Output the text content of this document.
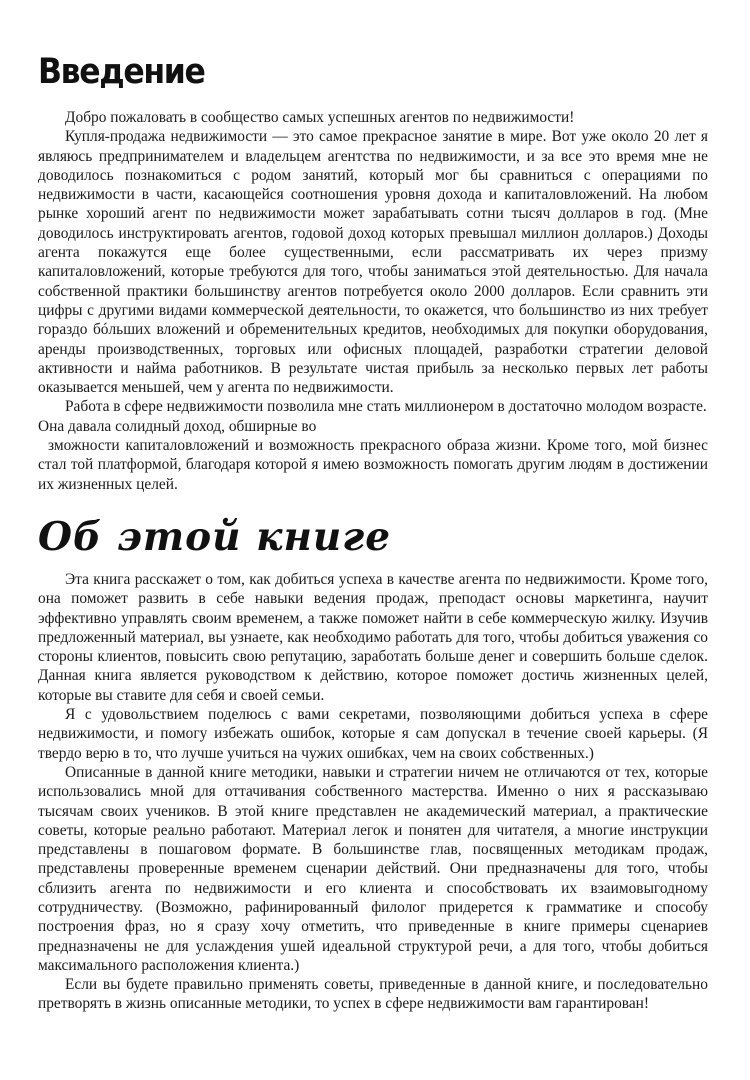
Введение

Добро пожаловать в сообщество самых успешных агентов по недвижимости!

Купля-продажа недвижимости — это самое прекрасное занятие в мире. Вот уже около 20 лет я являюсь предпринимателем и владельцем агентства по недвижимости, и за все это время мне не доводилось познакомиться с родом занятий, который мог бы сравниться с операциями по недвижимости в части, касающейся соотношения уровня дохода и капиталовложений. На любом рынке хороший агент по недвижимости может зарабатывать сотни тысяч долларов в год. (Мне доводилось инструктировать агентов, годовой доход которых превышал миллион долларов.) Доходы агента покажутся еще более существенными, если рассматривать их через призму капиталовложений, которые требуются для того, чтобы заниматься этой деятельностью. Для начала собственной практики большинству агентов потребуется около 2000 долларов. Если сравнить эти цифры с другими видами коммерческой деятельности, то окажется, что большинство из них требует гораздо бóльших вложений и обременительных кредитов, необходимых для покупки оборудования, аренды производственных, торговых или офисных площадей, разработки стратегии деловой активности и найма работников. В результате чистая прибыль за несколько первых лет работы оказывается меньшей, чем у агента по недвижимости.

Работа в сфере недвижимости позволила мне стать миллионером в достаточно молодом возрасте. Она давала солидный доход, обширные во

зможности капиталовложений и возможность прекрасного образа жизни. Кроме того, мой бизнес стал той платформой, благодаря которой я имею возможность помогать другим людям в достижении их жизненных целей.

Об этой книге

Эта книга расскажет о том, как добиться успеха в качестве агента по недвижимости. Кроме того, она поможет развить в себе навыки ведения продаж, преподаст основы маркетинга, научит эффективно управлять своим временем, а также поможет найти в себе коммерческую жилку. Изучив предложенный материал, вы узнаете, как необходимо работать для того, чтобы добиться уважения со стороны клиентов, повысить свою репутацию, заработать больше денег и совершить больше сделок. Данная книга является руководством к действию, которое поможет достичь жизненных целей, которые вы ставите для себя и своей семьи.

Я с удовольствием поделюсь с вами секретами, позволяющими добиться успеха в сфере недвижимости, и помогу избежать ошибок, которые я сам допускал в течение своей карьеры. (Я твердо верю в то, что лучше учиться на чужих ошибках, чем на своих собственных.)

Описанные в данной книге методики, навыки и стратегии ничем не отличаются от тех, которые использовались мной для оттачивания собственного мастерства. Именно о них я рассказываю тысячам своих учеников. В этой книге представлен не академический материал, а практические советы, которые реально работают. Материал легок и понятен для читателя, а многие инструкции представлены в пошаговом формате. В большинстве глав, посвященных методикам продаж, представлены проверенные временем сценарии действий. Они предназначены для того, чтобы сблизить агента по недвижимости и его клиента и способствовать их взаимовыгодному сотрудничеству. (Возможно, рафинированный филолог придерется к грамматике и способу построения фраз, но я сразу хочу отметить, что приведенные в книге примеры сценариев предназначены не для услаждения ушей идеальной структурой речи, а для того, чтобы добиться максимального расположения клиента.)

Если вы будете правильно применять советы, приведенные в данной книге, и последовательно претворять в жизнь описанные методики, то успех в сфере недвижимости вам гарантирован!
